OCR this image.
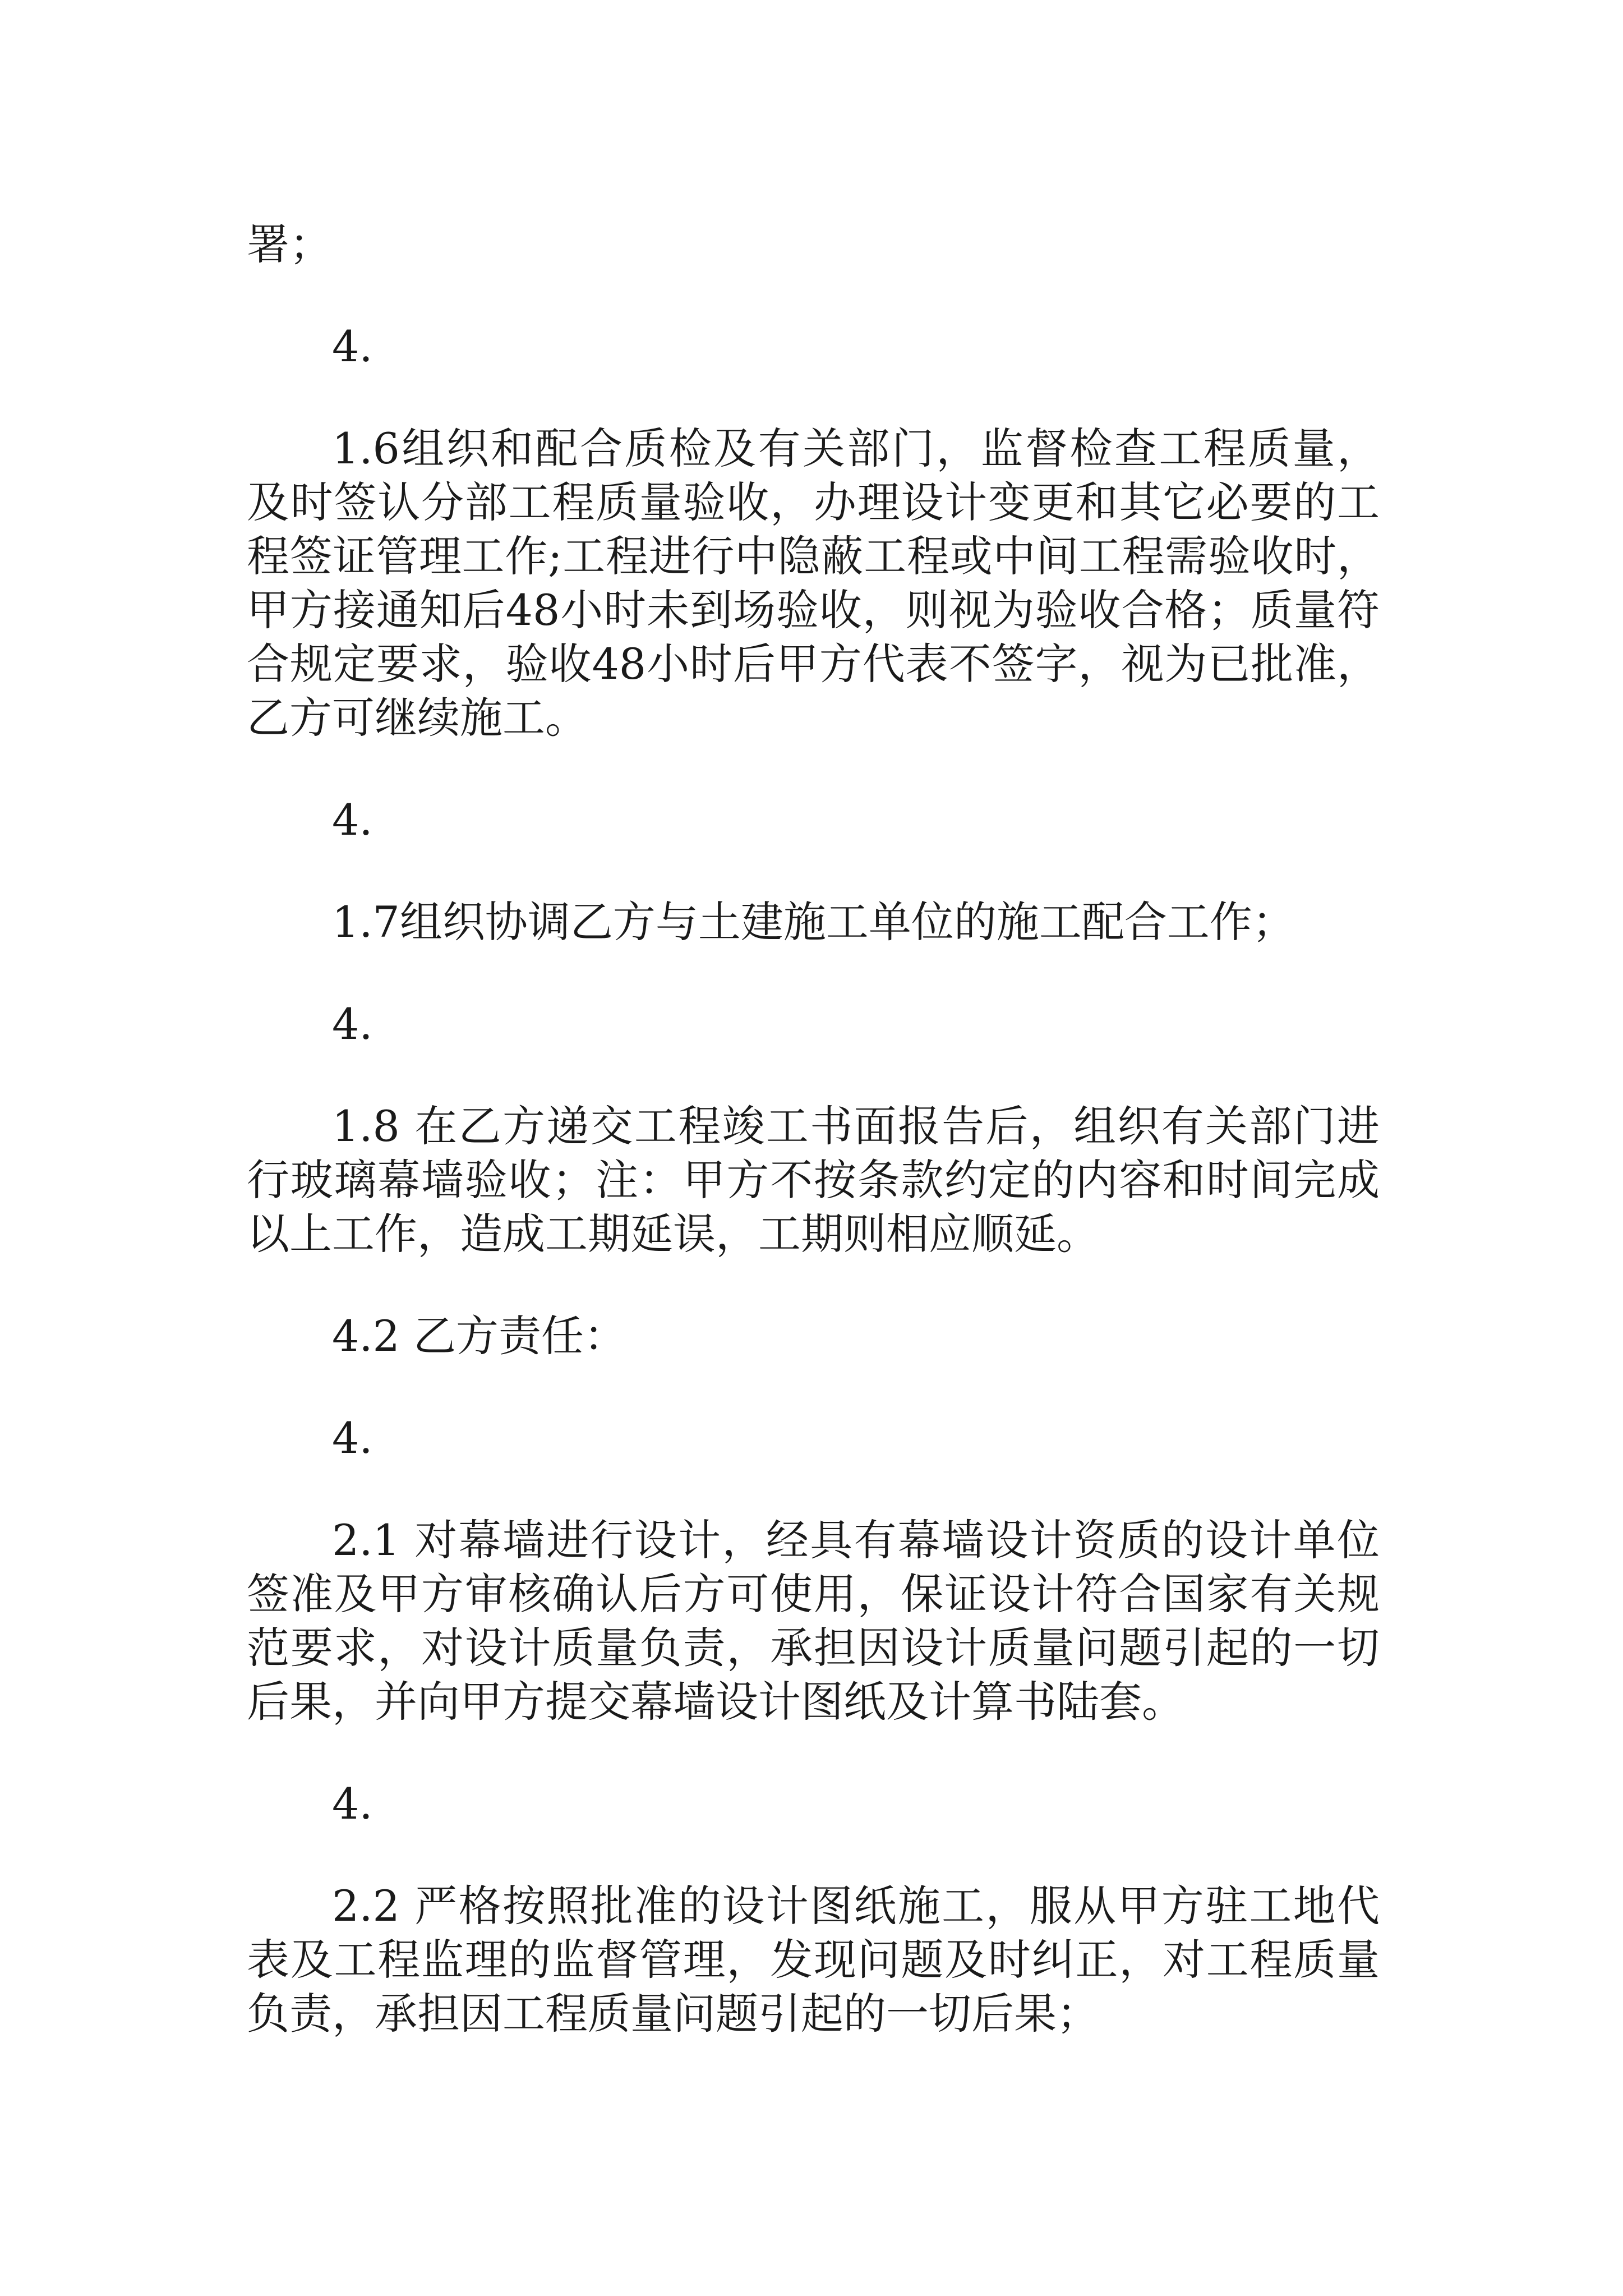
署；

4.

1.6组织和配合质检及有关部门，监督检查工程质量，及时签认分部工程质量验收，办理设计变更和其它必要的工程签证管理工作;工程进行中隐蔽工程或中间工程需验收时，甲方接通知后48小时未到场验收，则视为验收合格；质量符合规定要求，验收48小时后甲方代表不签字，视为已批准，乙方可继续施工。

4.

1.7组织协调乙方与土建施工单位的施工配合工作；

4.

1.8 在乙方递交工程竣工书面报告后，组织有关部门进行玻璃幕墙验收；注：甲方不按条款约定的内容和时间完成以上工作，造成工期延误，工期则相应顺延。

4.2 乙方责任：

4.

2.1 对幕墙进行设计，经具有幕墙设计资质的设计单位签准及甲方审核确认后方可使用，保证设计符合国家有关规范要求，对设计质量负责，承担因设计质量问题引起的一切后果，并向甲方提交幕墙设计图纸及计算书陆套。

4.

2.2 严格按照批准的设计图纸施工，服从甲方驻工地代表及工程监理的监督管理，发现问题及时纠正，对工程质量负责，承担因工程质量问题引起的一切后果；
